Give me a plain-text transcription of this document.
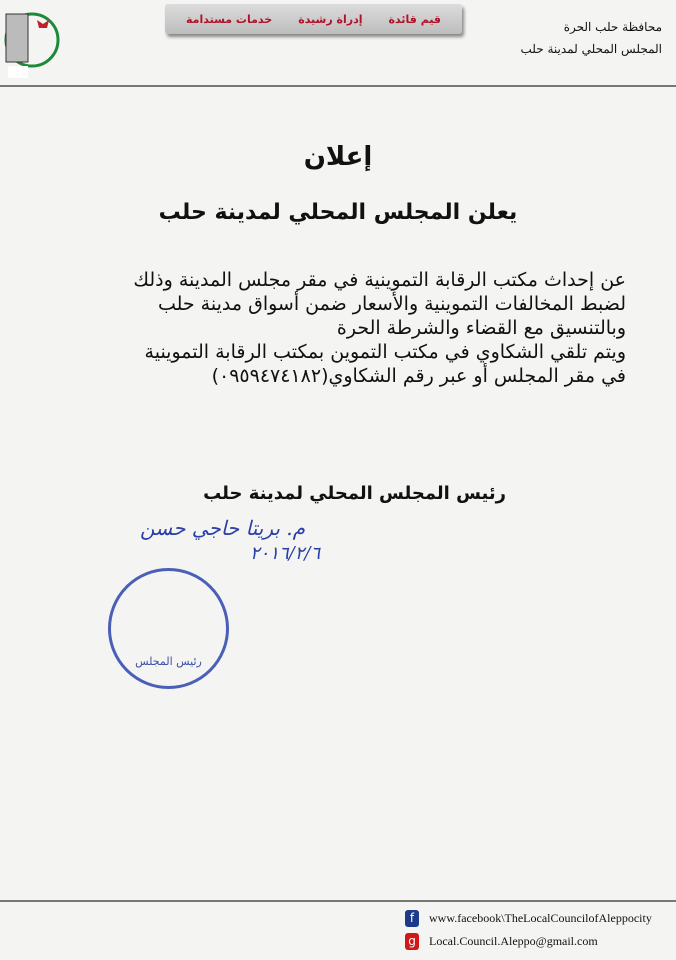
قيم قائدة
إدراة رشيدة
خدمات مستدامة
محافظة حلب الحرة
المجلس المحلي لمدينة حلب
إعلان
يعلن المجلس المحلي لمدينة حلب
عن إحداث مكتب الرقابة التموينية في مقر مجلس المدينة وذلك
لضبط المخالفات التموينية والأسعار ضمن أسواق مدينة حلب
وبالتنسيق مع القضاء والشرطة الحرة
ويتم تلقي الشكاوي في مكتب التموين بمكتب الرقابة التموينية
في مقر المجلس أو عبر رقم الشكاوي(٠٩٥٩٤٧٤١٨٢)
رئيس المجلس المحلي لمدينة حلب
م. بريتا حاجي حسن
٢٠١٦/٢/٦
رئيس المجلس
f	www.facebook\TheLocalCouncilofAleppocity
g Local.Council.Aleppo@gmail.com
